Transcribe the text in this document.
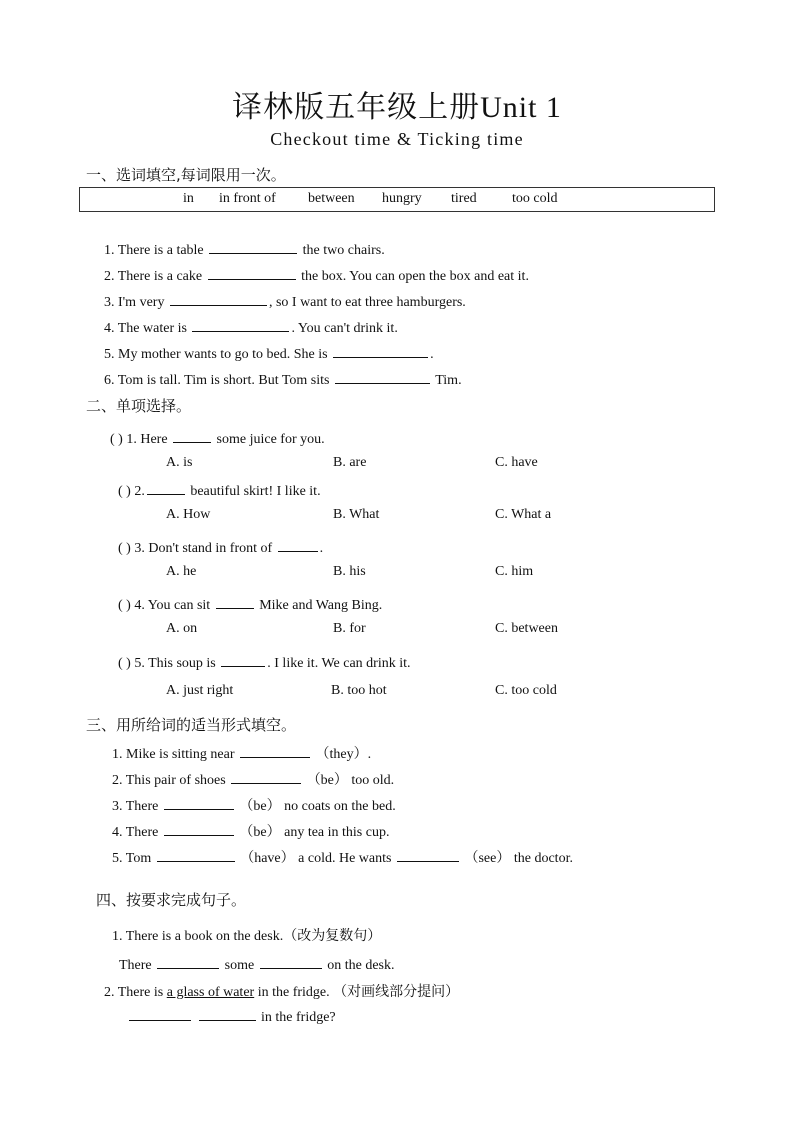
译林版五年级上册Unit 1
Checkout time & Ticking time
一、选词填空,每词限用一次。
in in front of between hungry tired	too cold
1. There is a table	the two chairs.
2. There is a cake	the box. You can open the box and eat it.
3. I'm very	, so I want to eat three hamburgers.
4. The water is	. You can't drink it.
5. My mother wants to go to bed. She is	.
6. Tom is tall. Tim is short. But Tom sits	Tim.
二、单项选择。
( ) 1. Here	some juice for you.
A. is	B. are	C. have
( ) 2.	beautiful skirt! I like it.
A. How	B. What	C. What a
( ) 3. Don't stand in front of	.
A. he	B. his	C. him
( ) 4. You can sit	Mike and Wang Bing.
A. on	B. for	C. between
( ) 5. This soup is	. I like it. We can drink it.
A. just right	B. too hot	C. too cold
三、用所给词的适当形式填空。
1. Mike is sitting near	（they）.
2. This pair of shoes	（be） too old.
3. There	（be） no coats on the bed.
4. There	（be） any tea in this cup.
5. Tom	（have） a cold. He wants	（see） the doctor.
四、按要求完成句子。
1. There is a book on the desk.（改为复数句）
There	some	on the desk.
2. There is a glass of water in the fridge. （对画线部分提问）
in the fridge?
